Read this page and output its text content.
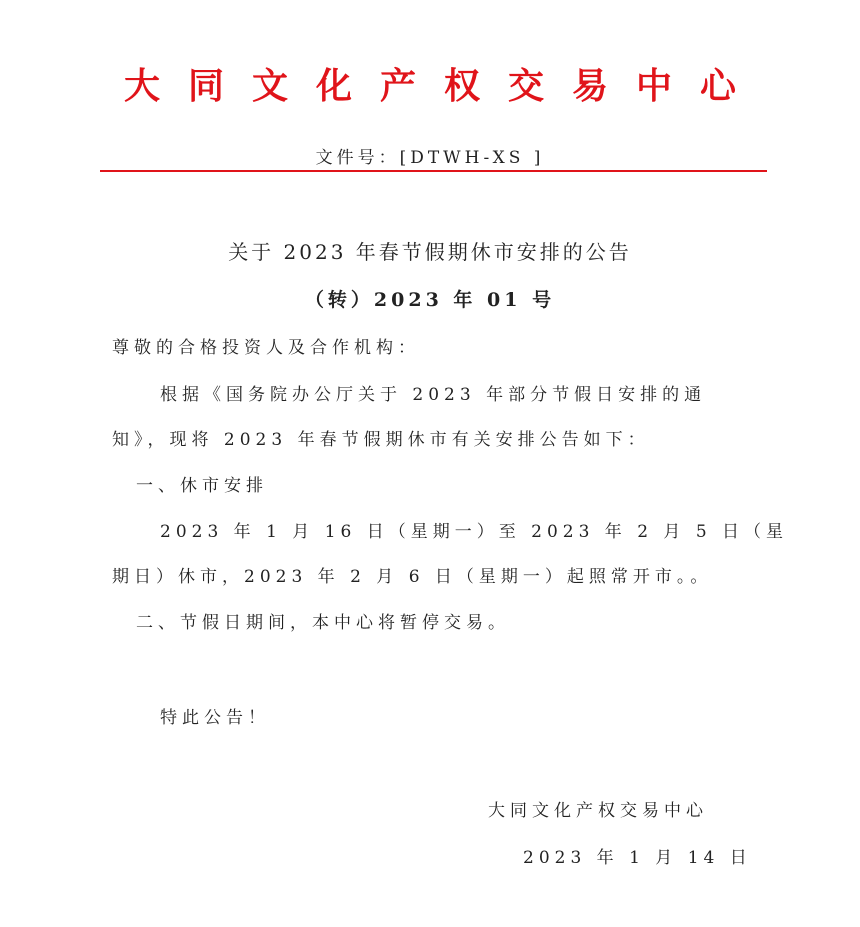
大同文化产权交易中心
文件号：[DTWH-XS ]
关于 2023 年春节假期休市安排的公告
（转）2023 年 01 号
尊敬的合格投资人及合作机构：
根据《国务院办公厅关于 2023 年部分节假日安排的通
知》，现将 2023 年春节假期休市有关安排公告如下：
一、休市安排
2023 年 1 月 16 日（星期一）至 2023 年 2 月 5 日（星
期日）休市，2023 年 2 月 6 日（星期一）起照常开市。。
二、节假日期间，本中心将暂停交易。
特此公告！
大同文化产权交易中心
2023 年 1 月 14 日
